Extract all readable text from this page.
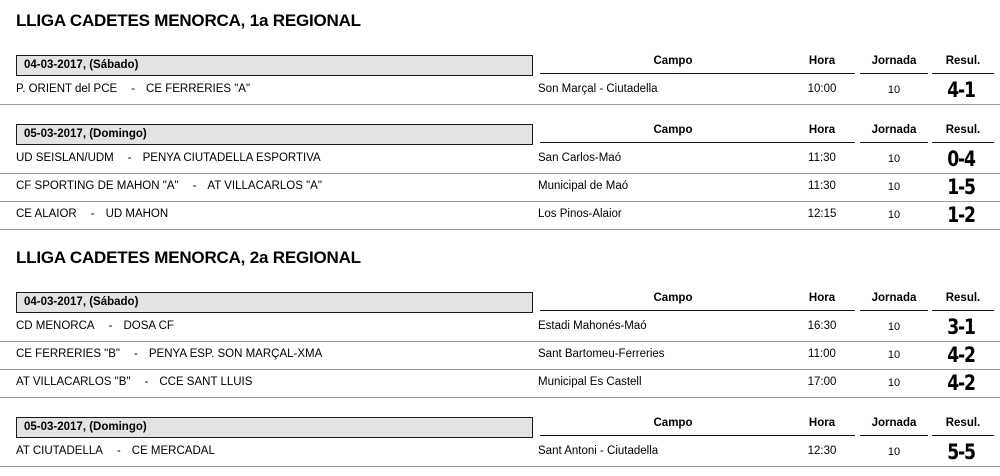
LLIGA CADETES MENORCA, 1a REGIONAL
04-03-2017, (Sábado)	Campo	Hora	Jornada	Resul.
P. ORIENT del PCE	- CE FERRERIES "A"	Son Marçal - Ciutadella	10:00	10	4-1
05-03-2017, (Domingo)	Campo	Hora	Jornada	Resul.
UD SEISLAN/UDM	- PENYA CIUTADELLA ESPORTIVA	San Carlos-Maó	11:30	10	0-4
CF SPORTING DE MAHON "A"	- AT VILLACARLOS "A"	Municipal de Maó	11:30	10	1-5
CE ALAIOR	- UD MAHON	Los Pinos-Alaior	12:15	10	1-2
LLIGA CADETES MENORCA, 2a REGIONAL
04-03-2017, (Sábado)	Campo	Hora	Jornada	Resul.
CD MENORCA	- DOSA CF	Estadi Mahonés-Maó	16:30	10	3-1
CE FERRERIES "B"	- PENYA ESP. SON MARÇAL-XMA	Sant Bartomeu-Ferreries	11:00	10	4-2
AT VILLACARLOS "B"	- CCE SANT LLUIS	Municipal Es Castell	17:00	10	4-2
05-03-2017, (Domingo)	Campo	Hora	Jornada	Resul.
AT CIUTADELLA	- CE MERCADAL	Sant Antoni - Ciutadella	12:30	10	5-5
